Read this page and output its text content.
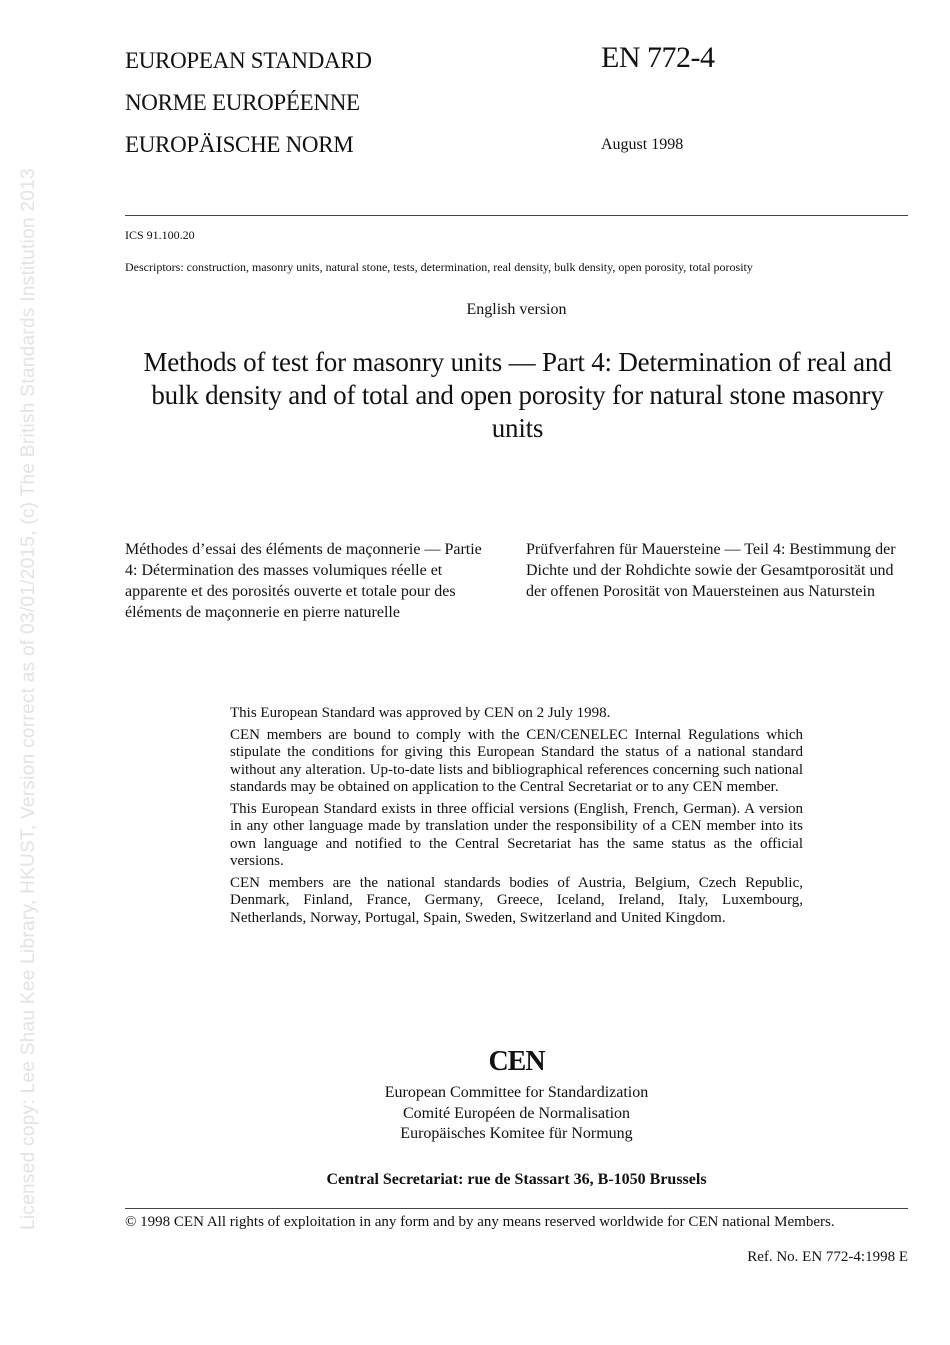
Licensed copy: Lee Shau Kee Library, HKUST, Version correct as of 03/01/2015, (c) The British Standards Institution 2013
EUROPEAN STANDARD
NORME EUROPÉENNE
EUROPÄISCHE NORM
EN 772-4
August 1998
ICS 91.100.20
Descriptors: construction, masonry units, natural stone, tests, determination, real density, bulk density, open porosity, total porosity
English version
Methods of test for masonry units — Part 4: Determination of real and bulk density and of total and open porosity for natural stone masonry units
Méthodes d’essai des éléments de maçonnerie — Partie 4: Détermination des masses volumiques réelle et apparente et des porosités ouverte et totale pour des éléments de maçonnerie en pierre naturelle
Prüfverfahren für Mauersteine — Teil 4: Bestimmung der Dichte und der Rohdichte sowie der Gesamtporosität und der offenen Porosität von Mauersteinen aus Naturstein

This European Standard was approved by CEN on 2 July 1998.

CEN members are bound to comply with the CEN/CENELEC Internal Regulations which stipulate the conditions for giving this European Standard the status of a national standard without any alteration. Up-to-date lists and bibliographical references concerning such national standards may be obtained on application to the Central Secretariat or to any CEN member.

This European Standard exists in three official versions (English, French, German). A version in any other language made by translation under the responsibility of a CEN member into its own language and notified to the Central Secretariat has the same status as the official versions.

CEN members are the national standards bodies of Austria, Belgium, Czech Republic, Denmark, Finland, France, Germany, Greece, Iceland, Ireland, Italy, Luxembourg, Netherlands, Norway, Portugal, Spain, Sweden, Switzerland and United Kingdom.

CEN
European Committee for Standardization
Comité Européen de Normalisation
Europäisches Komitee für Normung
Central Secretariat: rue de Stassart 36, B-1050 Brussels
© 1998 CEN All rights of exploitation in any form and by any means reserved worldwide for CEN national Members.
Ref. No. EN 772-4:1998 E
